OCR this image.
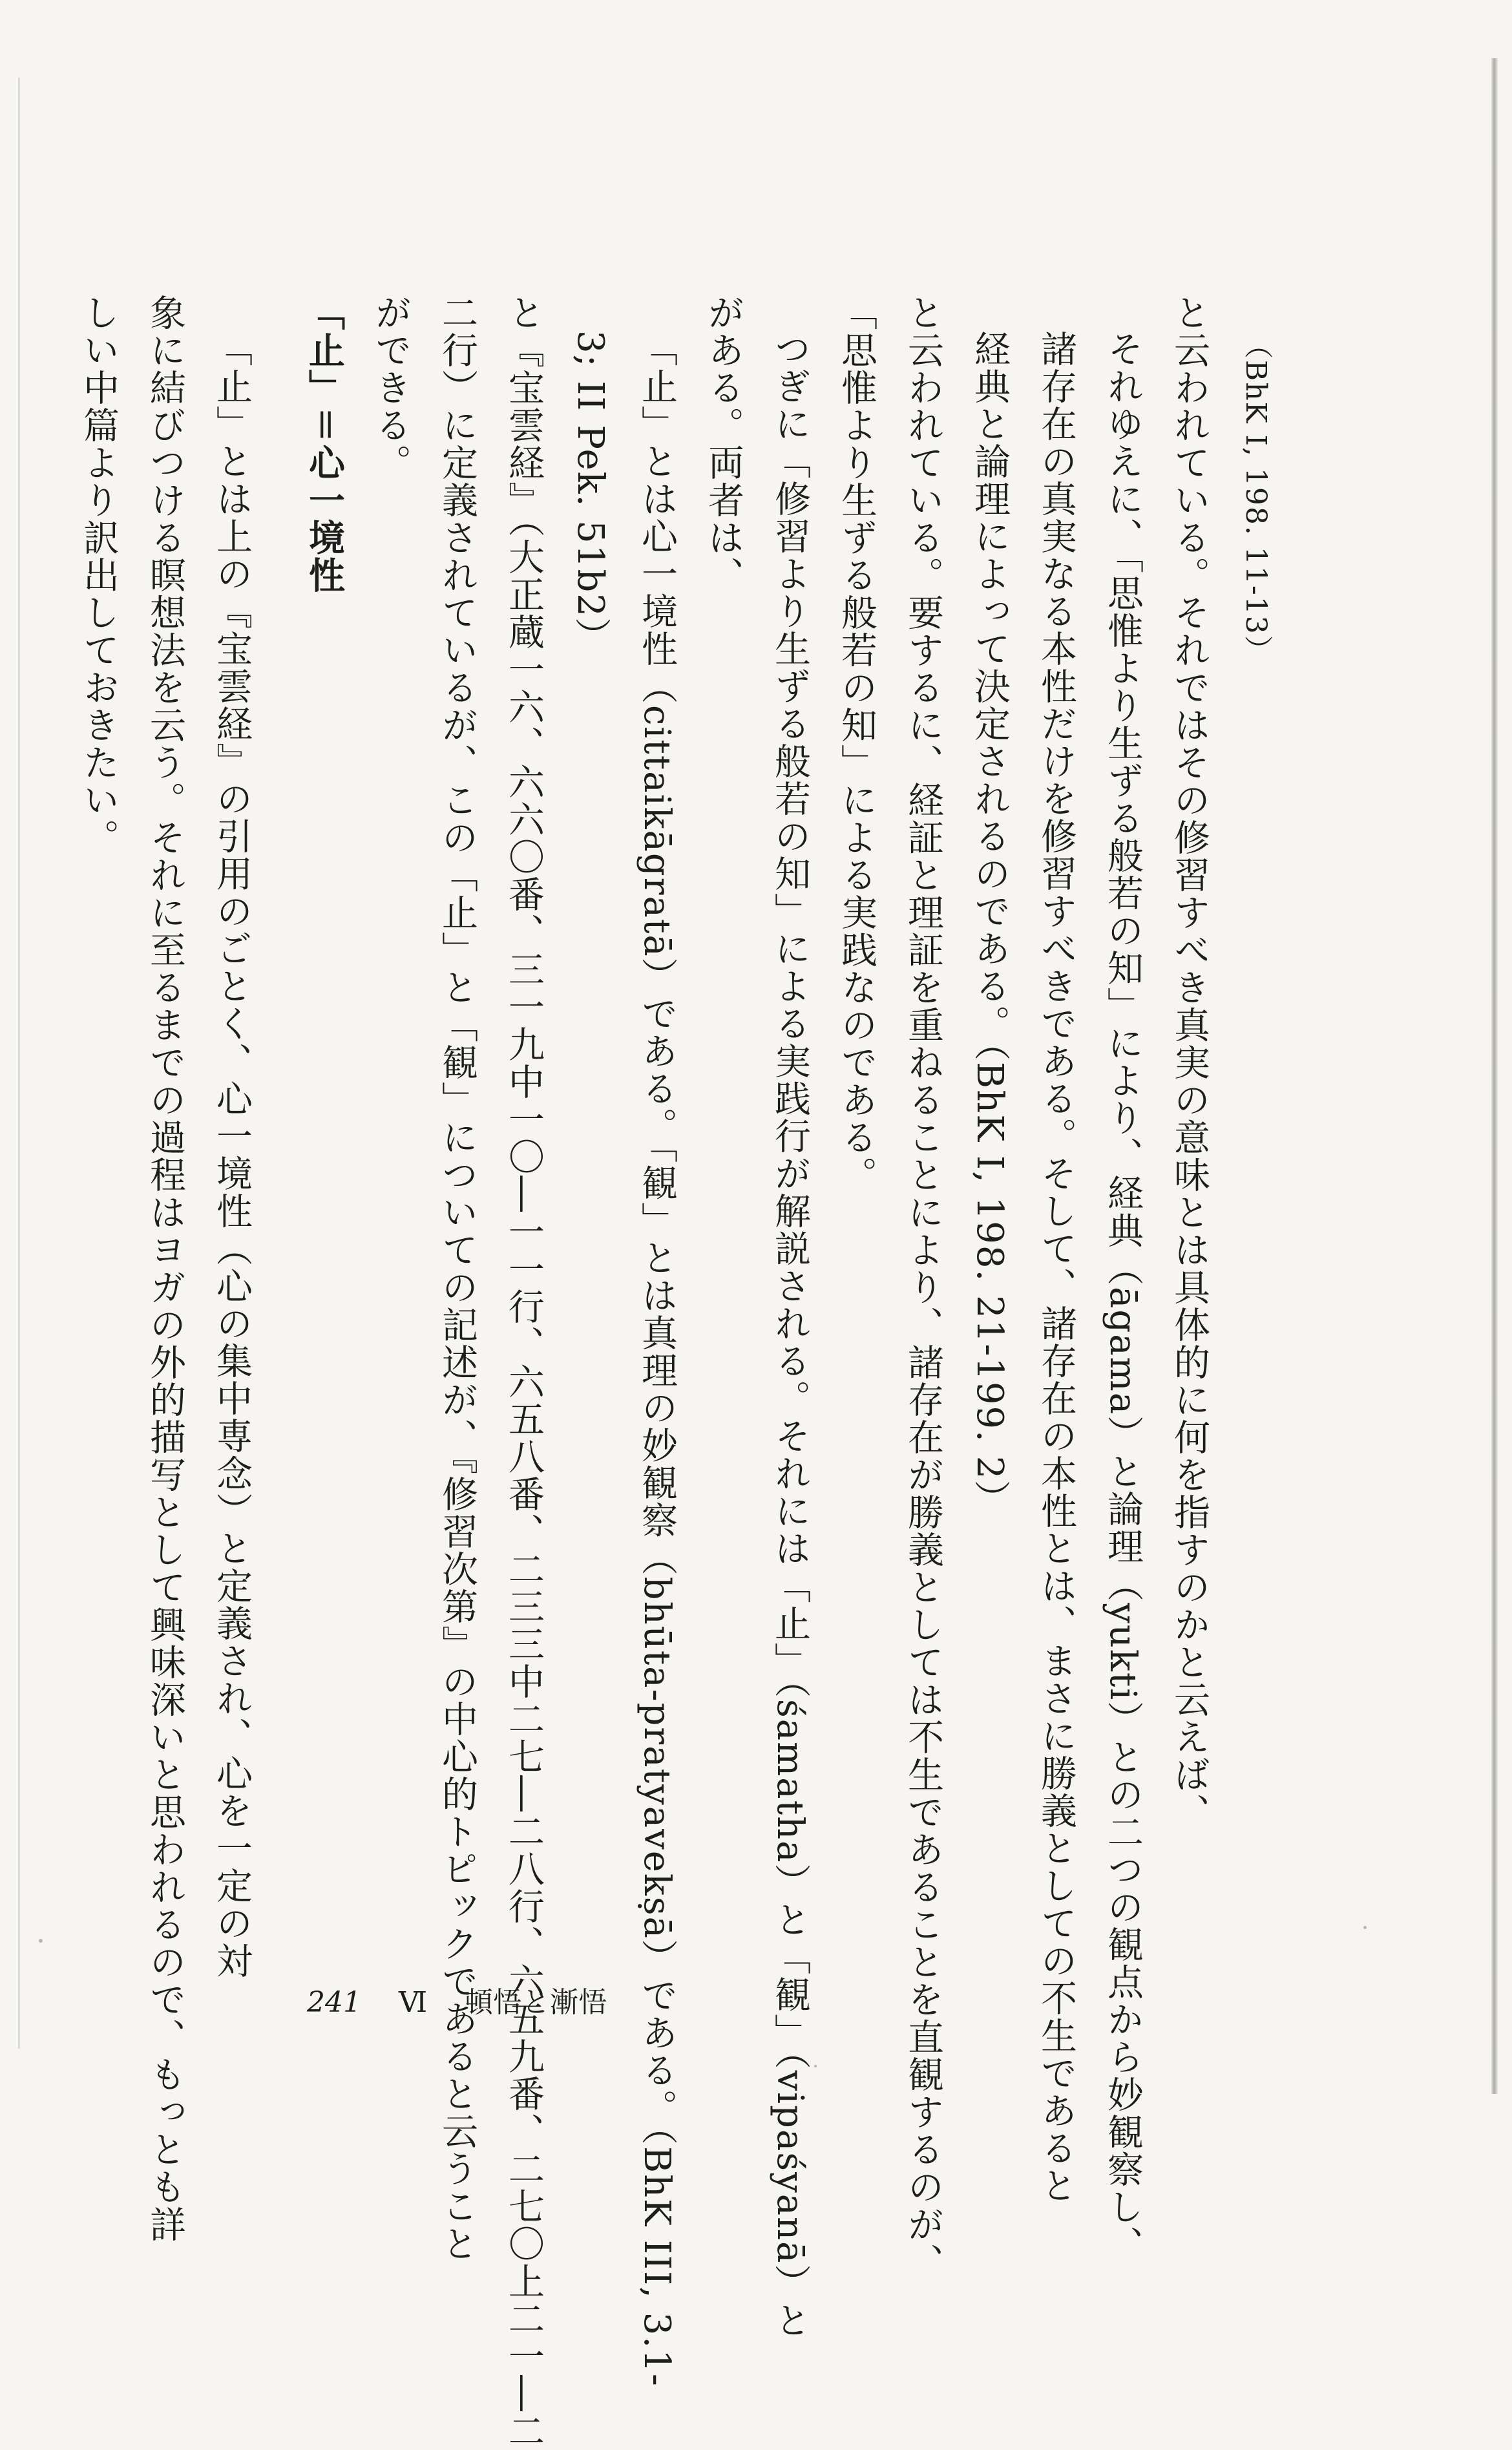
（BhK I, 198. 11-13）
と云われている。それではその修習すべき真実の意味とは具体的に何を指すのかと云えば、
それゆえに、「思惟より生ずる般若の知」により、経典（āgama）と論理（yukti）との二つの観点から妙観察し、
諸存在の真実なる本性だけを修習すべきである。そして、諸存在の本性とは、まさに勝義としての不生であると
経典と論理によって決定されるのである。（BhK I, 198. 21-199. 2）
と云われている。要するに、経証と理証を重ねることにより、諸存在が勝義としては不生であることを直観するのが、
「思惟より生ずる般若の知」による実践なのである。
つぎに「修習より生ずる般若の知」による実践行が解説される。それには「止」（śamatha）と「観」（vipaśyanā）と
がある。両者は、
「止」とは心一境性（cittaikāgratā）である。「観」とは真理の妙観察（bhūta-pratyavekṣā）である。（BhK III, 3.1-
3; II Pek. 51b2）
と『宝雲経』（大正蔵一六、六六〇番、三一九中一〇―一一行、六五八番、二三三中二七―二八行、六五九番、二七〇上二一―二
二行）に定義されているが、この「止」と「観」についての記述が、『修習次第』の中心的トピックであると云うこと
ができる。
「止」＝心一境性
「止」とは上の『宝雲経』の引用のごとく、心一境性（心の集中専念）と定義され、心を一定の対
象に結びつける瞑想法を云う。それに至るまでの過程はヨガの外的描写として興味深いと思われるので、もっとも詳
しい中篇より訳出しておきたい。
241 Ⅵ 頓悟と漸悟
